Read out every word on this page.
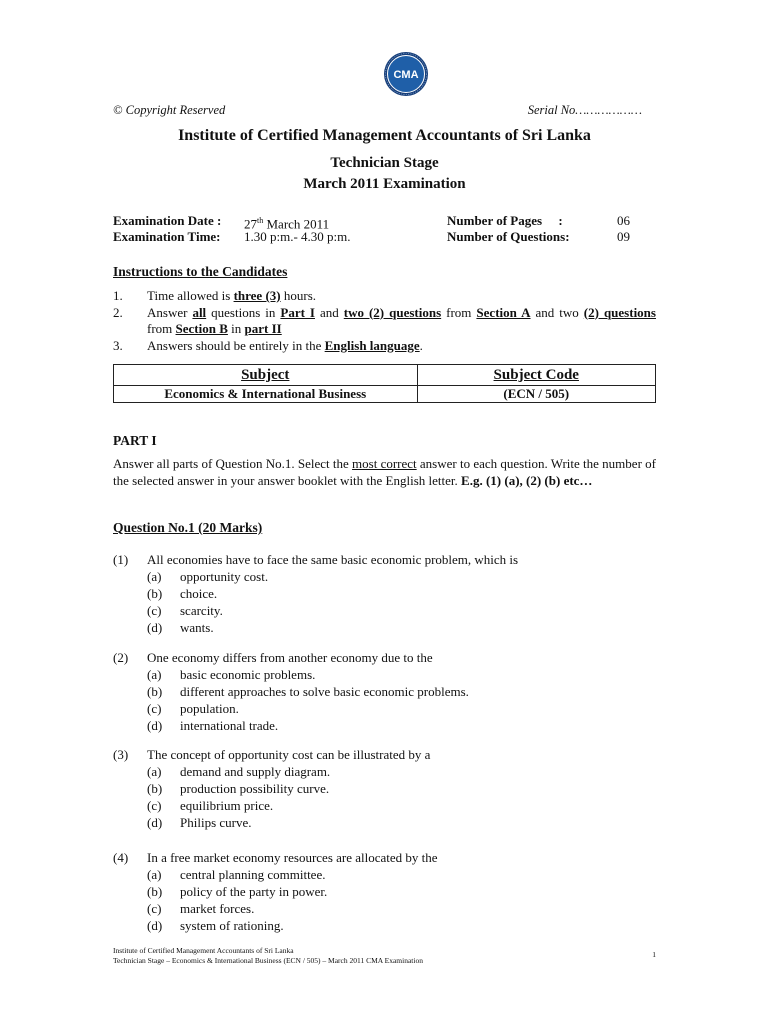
CMA
© Copyright Reserved	Serial No………………
Institute of Certified Management Accountants of Sri Lanka
Technician Stage
March 2011 Examination
Examination Date : 27th March 2011	Number of Pages     :	06
Examination Time: 1.30 p:m.- 4.30 p:m.	Number of Questions:	09
Instructions to the Candidates
1. Time allowed is three (3) hours.
2. Answer all questions in Part I and two (2) questions from Section A and two (2) questions from Section B in part II
3. Answers should be entirely in the English language.
Subject	Subject Code
Economics & International Business	(ECN / 505)
PART I
Answer all parts of Question No.1. Select the most correct answer to each question. Write the number of the selected answer in your answer booklet with the English letter. E.g. (1) (a), (2) (b) etc…
Question No.1 (20 Marks)
(1) All economies have to face the same basic economic problem, which is
(a) opportunity cost.
(b) choice.
(c) scarcity.
(d) wants.
(2) One economy differs from another economy due to the
(a) basic economic problems.
(b) different approaches to solve basic economic problems.
(c) population.
(d) international trade.
(3) The concept of opportunity cost can be illustrated by a
(a) demand and supply diagram.
(b) production possibility curve.
(c) equilibrium price.
(d) Philips curve.
(4) In a free market economy resources are allocated by the
(a) central planning committee.
(b) policy of the party in power.
(c) market forces.
(d) system of rationing.
Institute of Certified Management Accountants of Sri Lanka
Technician Stage – Economics & International Business (ECN / 505) – March 2011 CMA Examination
1
